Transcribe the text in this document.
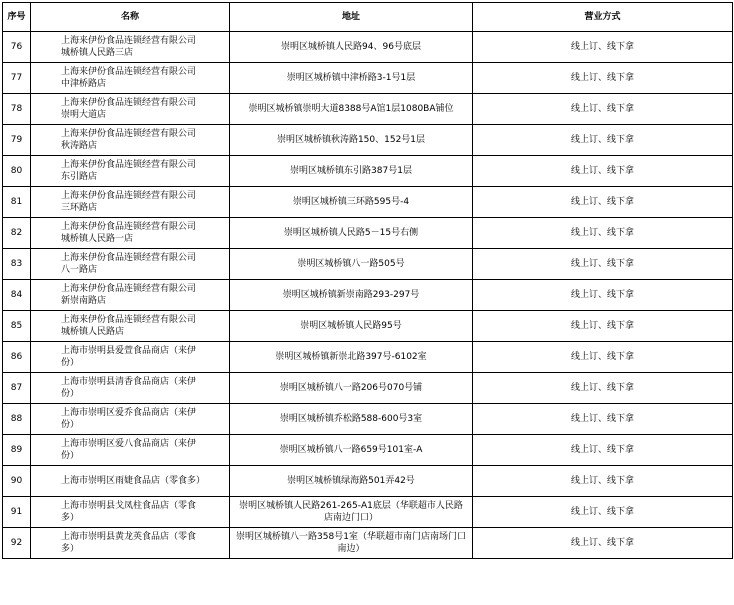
序号	名称	地址	营业方式
76	上海来伊份食品连锁经营有限公司城桥镇人民路三店	崇明区城桥镇人民路94、96号底层	线上订、线下拿
77	上海来伊份食品连锁经营有限公司中津桥路店	崇明区城桥镇中津桥路3-1号1层	线上订、线下拿
78	上海来伊份食品连锁经营有限公司崇明大道店	崇明区城桥镇崇明大道8388号A馆1层1080BA铺位	线上订、线下拿
79	上海来伊份食品连锁经营有限公司秋涛路店	崇明区城桥镇秋涛路150、152号1层	线上订、线下拿
80	上海来伊份食品连锁经营有限公司东引路店	崇明区城桥镇东引路387号1层	线上订、线下拿
81	上海来伊份食品连锁经营有限公司三环路店	崇明区城桥镇三环路595号-4	线上订、线下拿
82	上海来伊份食品连锁经营有限公司城桥镇人民路一店	崇明区城桥镇人民路5－15号右侧	线上订、线下拿
83	上海来伊份食品连锁经营有限公司八一路店	崇明区城桥镇八一路505号	线上订、线下拿
84	上海来伊份食品连锁经营有限公司新崇南路店	崇明区城桥镇新崇南路293-297号	线上订、线下拿
85	上海来伊份食品连锁经营有限公司城桥镇人民路店	崇明区城桥镇人民路95号	线上订、线下拿
86	上海市崇明县爱萱食品商店（来伊份）	崇明区城桥镇新崇北路397号-6102室	线上订、线下拿
87	上海市崇明县清香食品商店（来伊份）	崇明区城桥镇八一路206号070号铺	线上订、线下拿
88	上海市崇明区爱乔食品商店（来伊份）	崇明区城桥镇乔松路588-600号3室	线上订、线下拿
89	上海市崇明区爱八食品商店（来伊份）	崇明区城桥镇八一路659号101室-A	线上订、线下拿
90	上海市崇明区雨婕食品店（零食多）	崇明区城桥镇绿海路501弄42号	线上订、线下拿
91	上海市崇明县戈凤柱食品店（零食多）	崇明区城桥镇人民路261-265-A1底层（华联超市人民路店南边门口）	线上订、线下拿
92	上海市崇明县黄龙英食品店（零食多）	崇明区城桥镇八一路358号1室（华联超市南门店南场门口南边）	线上订、线下拿
